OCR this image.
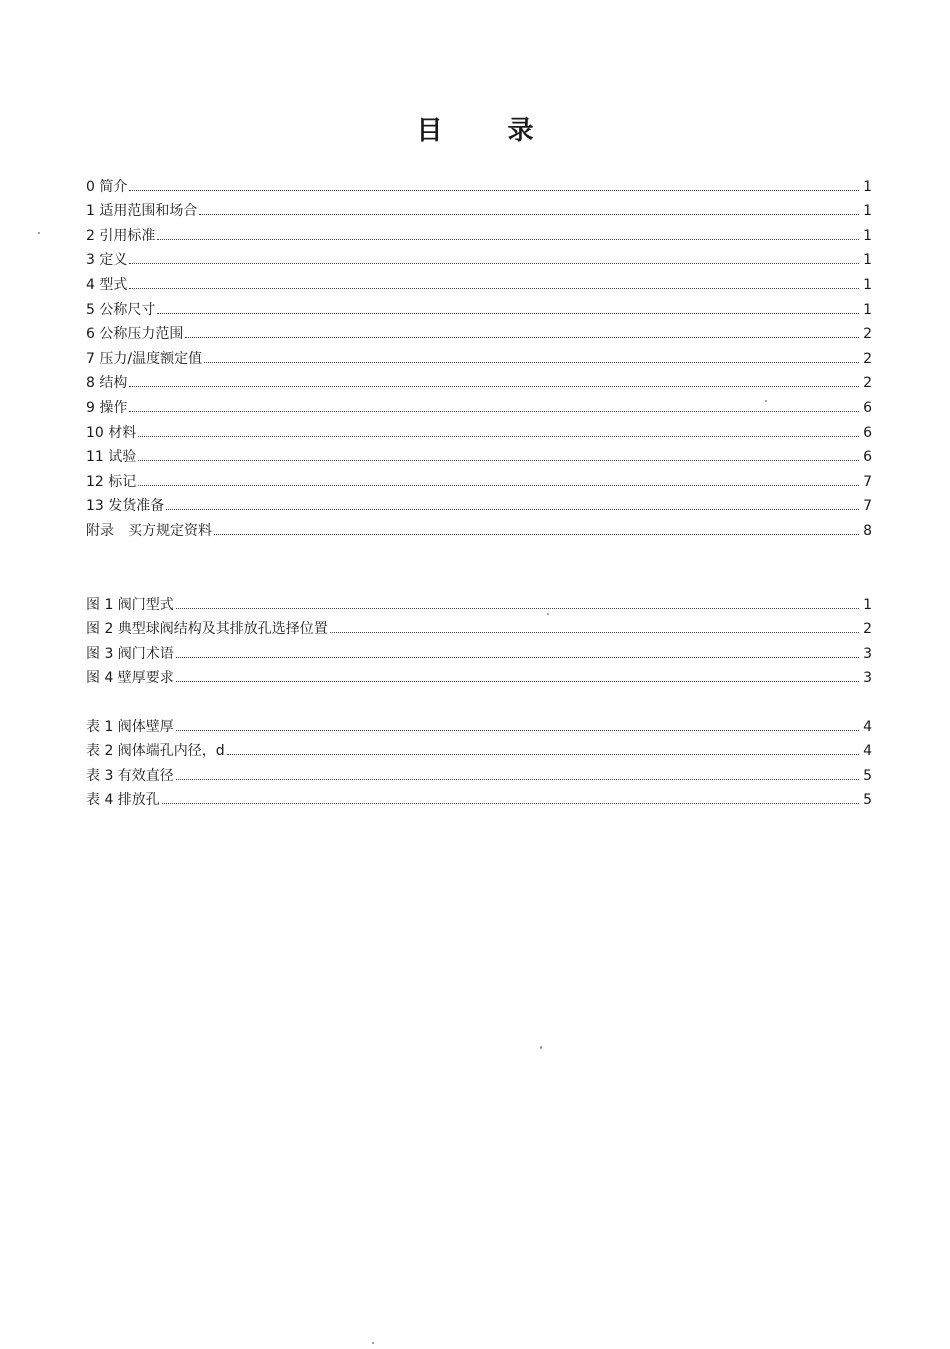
目 录
0 简介	1
1 适用范围和场合	1
2 引用标准	1
3 定义	1
4 型式	1
5 公称尺寸	1
6 公称压力范围	2
7 压力/温度额定值	2
8 结构	2
9 操作	6
10 材料	6
11 试验	6
12 标记	7
13 发货准备	7
附录　买方规定资料	8
图 1 阀门型式	1
图 2 典型球阀结构及其排放孔选择位置	2
图 3 阀门术语	3
图 4 壁厚要求	3
表 1 阀体壁厚	4
表 2 阀体端孔内径，d	4
表 3 有效直径	5
表 4 排放孔	5
